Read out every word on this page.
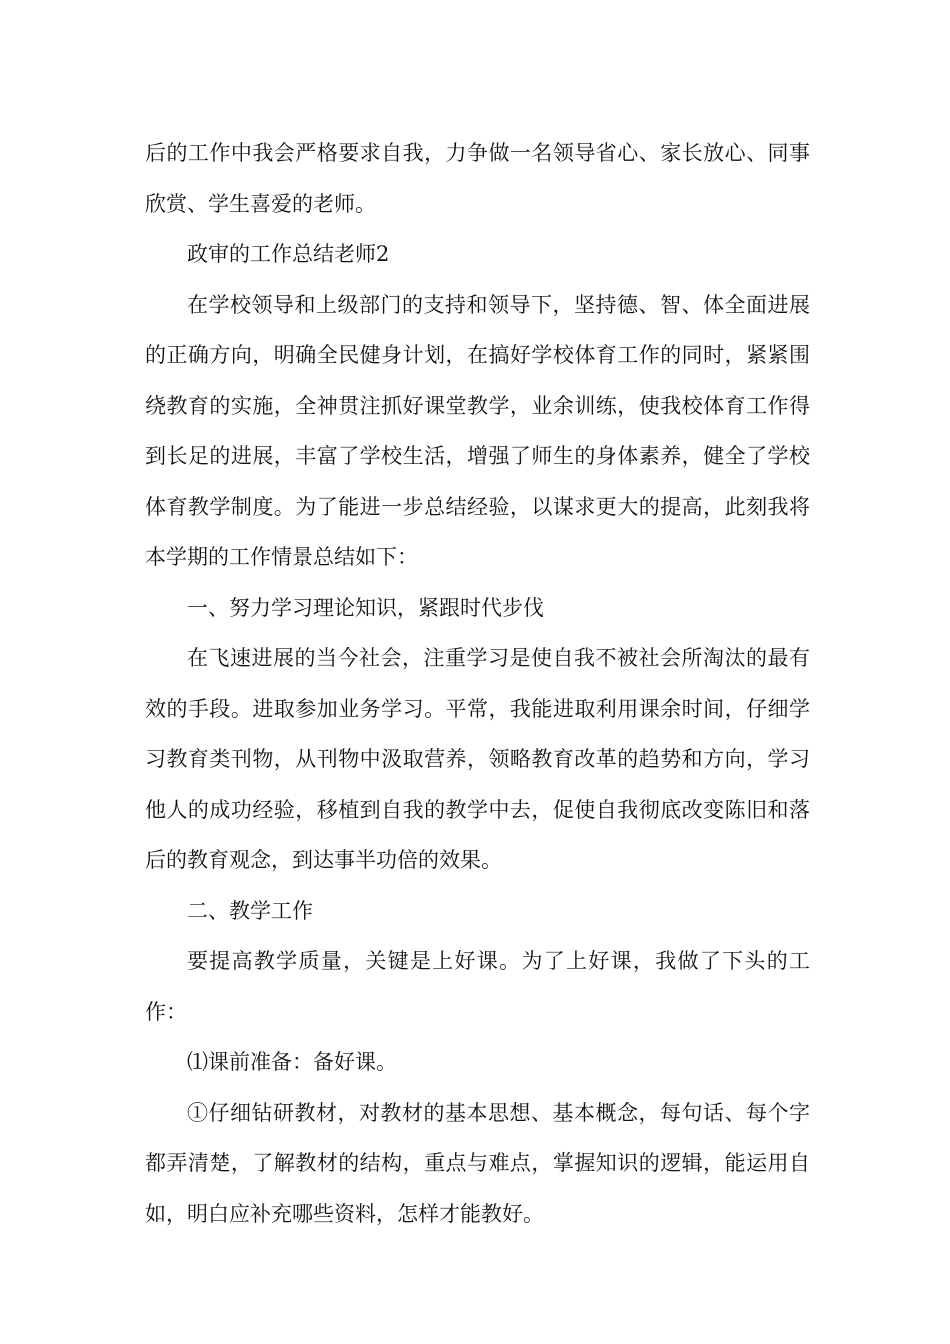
后的工作中我会严格要求自我，力争做一名领导省心、家长放心、同事欣赏、学生喜爱的老师。

政审的工作总结老师2

在学校领导和上级部门的支持和领导下，坚持德、智、体全面进展的正确方向，明确全民健身计划，在搞好学校体育工作的同时，紧紧围绕教育的实施，全神贯注抓好课堂教学，业余训练，使我校体育工作得到长足的进展，丰富了学校生活，增强了师生的身体素养，健全了学校体育教学制度。为了能进一步总结经验，以谋求更大的提高，此刻我将本学期的工作情景总结如下：

一、努力学习理论知识，紧跟时代步伐

在飞速进展的当今社会，注重学习是使自我不被社会所淘汰的最有效的手段。进取参加业务学习。平常，我能进取利用课余时间，仔细学习教育类刊物，从刊物中汲取营养，领略教育改革的趋势和方向，学习他人的成功经验，移植到自我的教学中去，促使自我彻底改变陈旧和落后的教育观念，到达事半功倍的效果。

二、教学工作

要提高教学质量，关键是上好课。为了上好课，我做了下头的工作：

⑴课前准备：备好课。

①仔细钻研教材，对教材的基本思想、基本概念，每句话、每个字都弄清楚，了解教材的结构，重点与难点，掌握知识的逻辑，能运用自如，明白应补充哪些资料，怎样才能教好。
